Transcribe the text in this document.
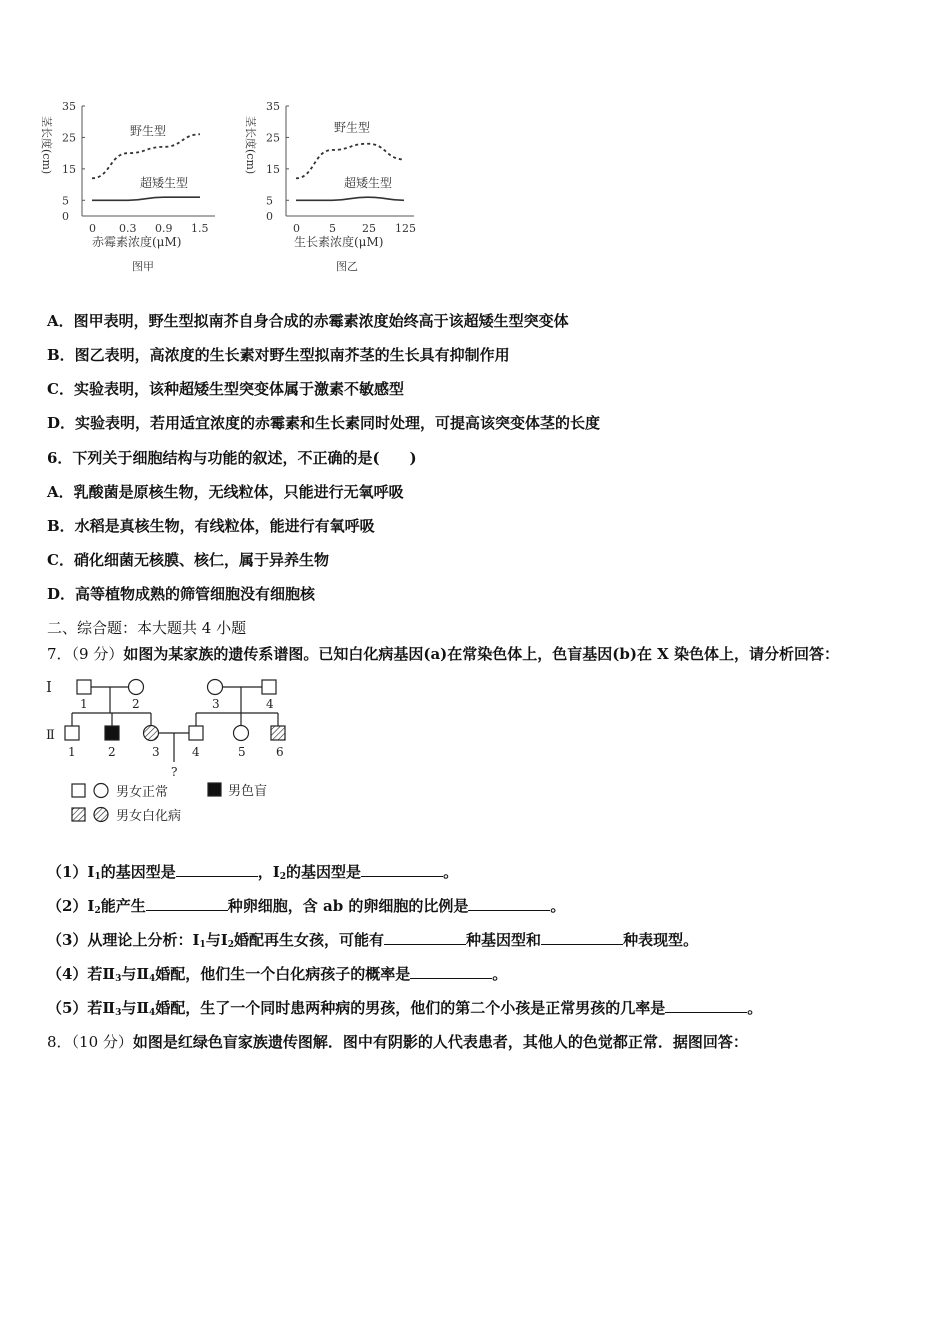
茎长度(cm)
0
5
15
25
35
0 0.3 0.9 1.5
野生型
超矮生型
赤霉素浓度(μM)
图甲
茎长度(cm)
0
5
15
25
35
0	5 25 125
野生型
超矮生型
生长素浓度(μM)
图乙
A．图甲表明，野生型拟南芥自身合成的赤霉素浓度始终高于该超矮生型突变体
B．图乙表明，高浓度的生长素对野生型拟南芥茎的生长具有抑制作用
C．实验表明，该种超矮生型突变体属于激素不敏感型
D．实验表明，若用适宜浓度的赤霉素和生长素同时处理，可提高该突变体茎的长度
6．下列关于细胞结构与功能的叙述，不正确的是(　　)
A．乳酸菌是原核生物，无线粒体，只能进行无氧呼吸
B．水稻是真核生物，有线粒体，能进行有氧呼吸
C．硝化细菌无核膜、核仁，属于异养生物
D．高等植物成熟的筛管细胞没有细胞核
二、综合题：本大题共 4 小题
7．（9 分）如图为某家族的遗传系谱图。已知白化病基因(a)在常染色体上，色盲基因(b)在 X 染色体上，请分析回答：
Ⅰ
Ⅱ
1	2	3	4
1	2	3	4	5	6
?
男女正常	男色盲
男女白化病
$(1)Ⅰ_1$的基因型是	，$Ⅰ_2$的基因型是	。
$(2)Ⅰ_2$能产生	种卵细胞，含 ab 的卵细胞的比例是	。
（3）从理论上分析：$Ⅰ_1$与$Ⅰ_2$婚配再生女孩，可能有	种基因型和	种表现型。
（4）若$Ⅱ_3$与$Ⅱ_4$婚配，他们生一个白化病孩子的概率是	。
（5）若$Ⅱ_3$与$Ⅱ_4$婚配，生了一个同时患两种病的男孩，他们的第二个小孩是正常男孩的几率是	。
8．（10 分）如图是红绿色盲家族遗传图解．图中有阴影的人代表患者，其他人的色觉都正常．据图回答：
